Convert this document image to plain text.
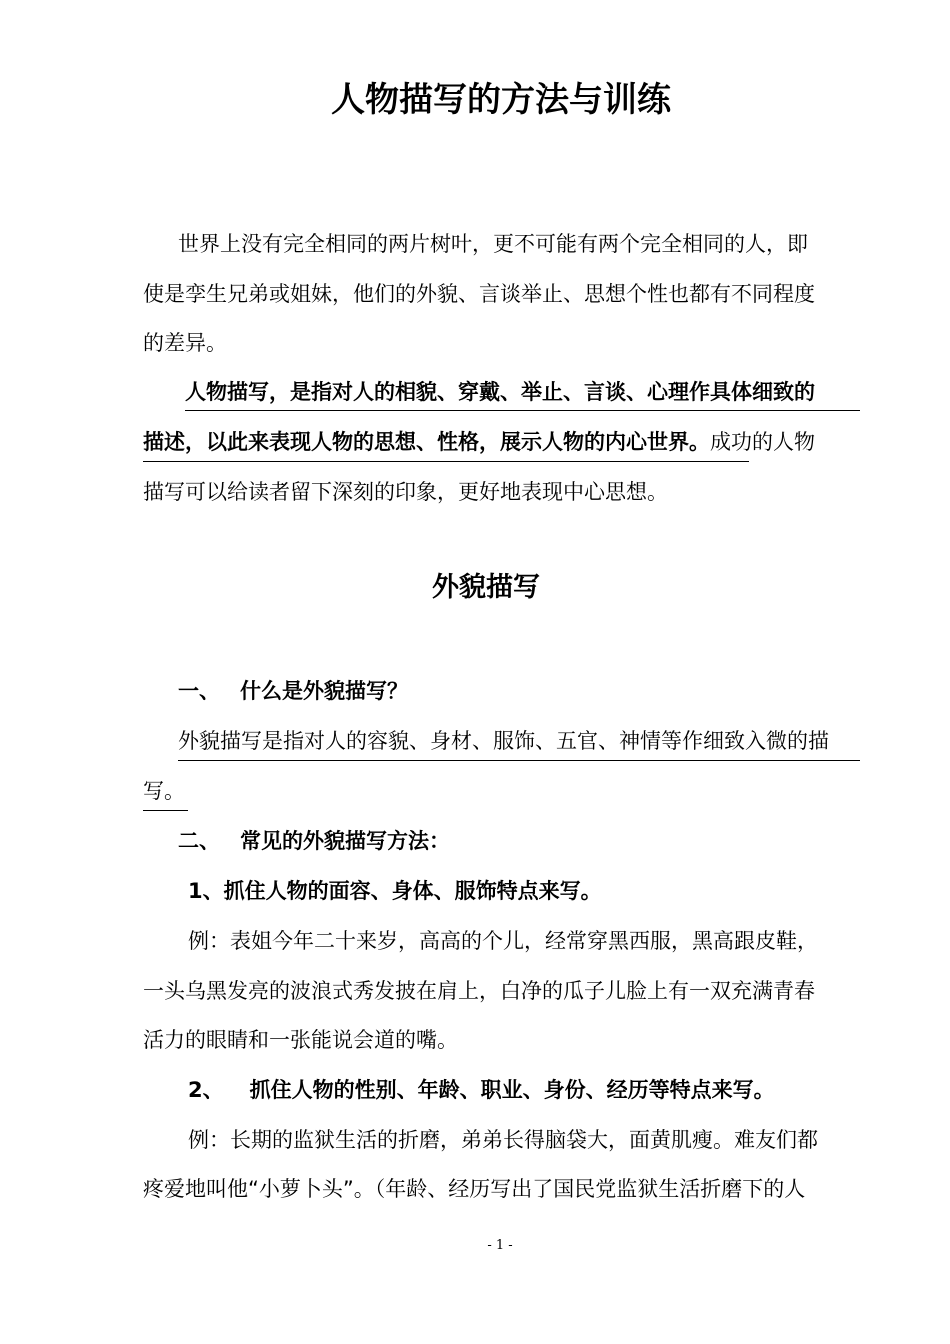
人物描写的方法与训练
世界上没有完全相同的两片树叶，更不可能有两个完全相同的人，即
使是孪生兄弟或姐妹，他们的外貌、言谈举止、思想个性也都有不同程度
的差异。
人物描写，是指对人的相貌、穿戴、举止、言谈、心理作具体细致的
描述，以此来表现人物的思想、性格，展示人物的内心世界。成功的人物
描写可以给读者留下深刻的印象，更好地表现中心思想。
外貌描写
一、 什么是外貌描写？
外貌描写是指对人的容貌、身材、服饰、五官、神情等作细致入微的描
写。
二、 常见的外貌描写方法：
1、抓住人物的面容、身体、服饰特点来写。
例：表姐今年二十来岁，高高的个儿，经常穿黑西服，黑高跟皮鞋，
一头乌黑发亮的波浪式秀发披在肩上，白净的瓜子儿脸上有一双充满青春
活力的眼睛和一张能说会道的嘴。
2、 抓住人物的性别、年龄、职业、身份、经历等特点来写。
例：长期的监狱生活的折磨，弟弟长得脑袋大，面黄肌瘦。难友们都
疼爱地叫他“小萝卜头”。（年龄、经历写出了国民党监狱生活折磨下的人
- 1 -
